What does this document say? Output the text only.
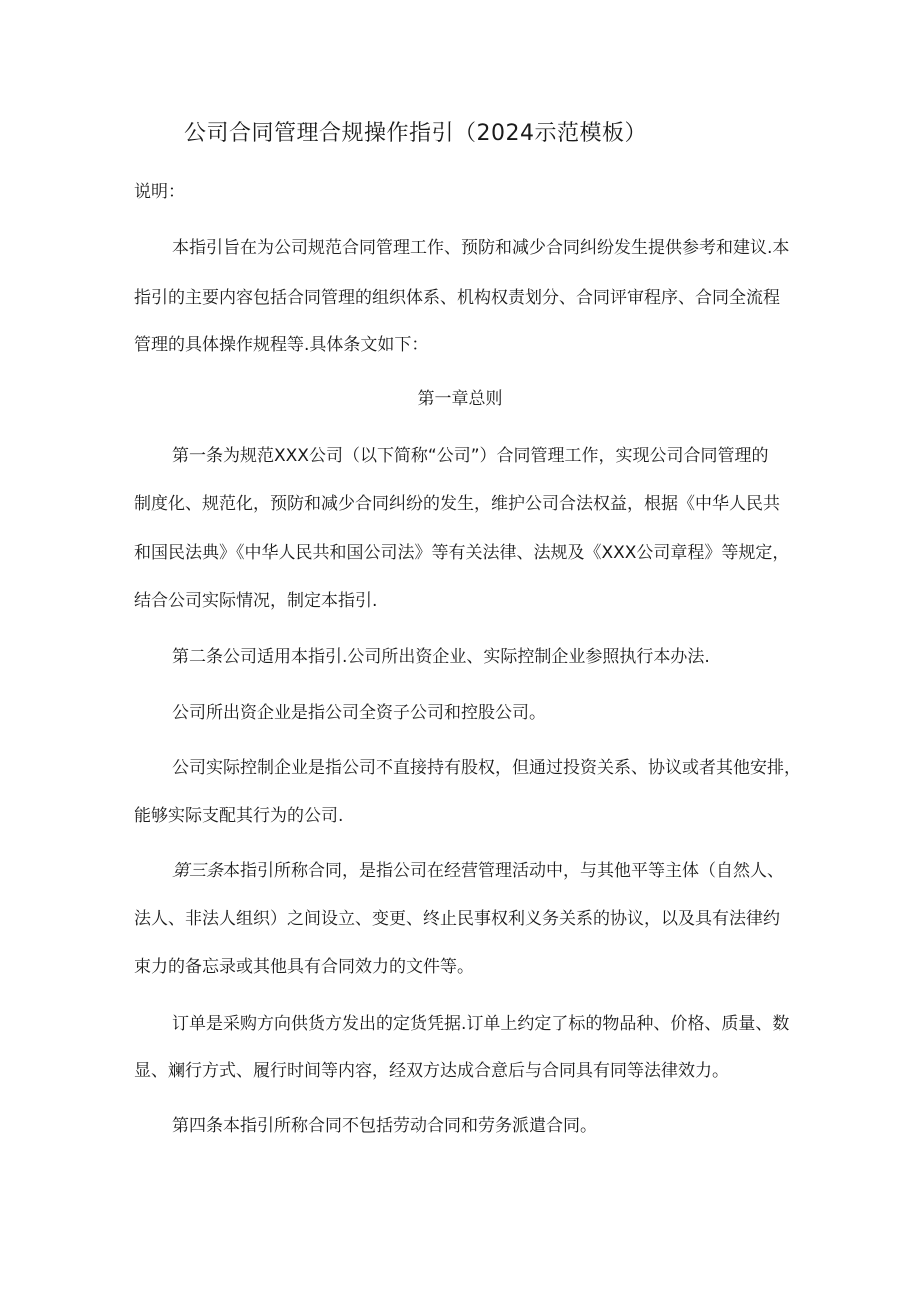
公司合同管理合规操作指引（2024示范模板）
说明：
本指引旨在为公司规范合同管理工作、预防和减少合同纠纷发生提供参考和建议.本
指引的主要内容包括合同管理的组织体系、机构权责划分、合同评审程序、合同全流程
管理的具体操作规程等.具体条文如下：
第一章总则
第一条为规范XXX公司（以下简称“公司”）合同管理工作，实现公司合同管理的
制度化、规范化，预防和减少合同纠纷的发生，维护公司合法权益，根据《中华人民共
和国民法典》《中华人民共和国公司法》等有关法律、法规及《XXX公司章程》等规定，
结合公司实际情况，制定本指引.
第二条公司适用本指引.公司所出资企业、实际控制企业参照执行本办法.
公司所出资企业是指公司全资子公司和控股公司。
公司实际控制企业是指公司不直接持有股权，但通过投资关系、协议或者其他安排，
能够实际支配其行为的公司.
第三条本指引所称合同，是指公司在经营管理活动中，与其他平等主体（自然人、
法人、非法人组织）之间设立、变更、终止民事权利义务关系的协议，以及具有法律约
束力的备忘录或其他具有合同效力的文件等。
订单是采购方向供货方发出的定货凭据.订单上约定了标的物品种、价格、质量、数
显、斓行方式、履行时间等内容，经双方达成合意后与合同具有同等法律效力。
第四条本指引所称合同不包括劳动合同和劳务派遣合同。
